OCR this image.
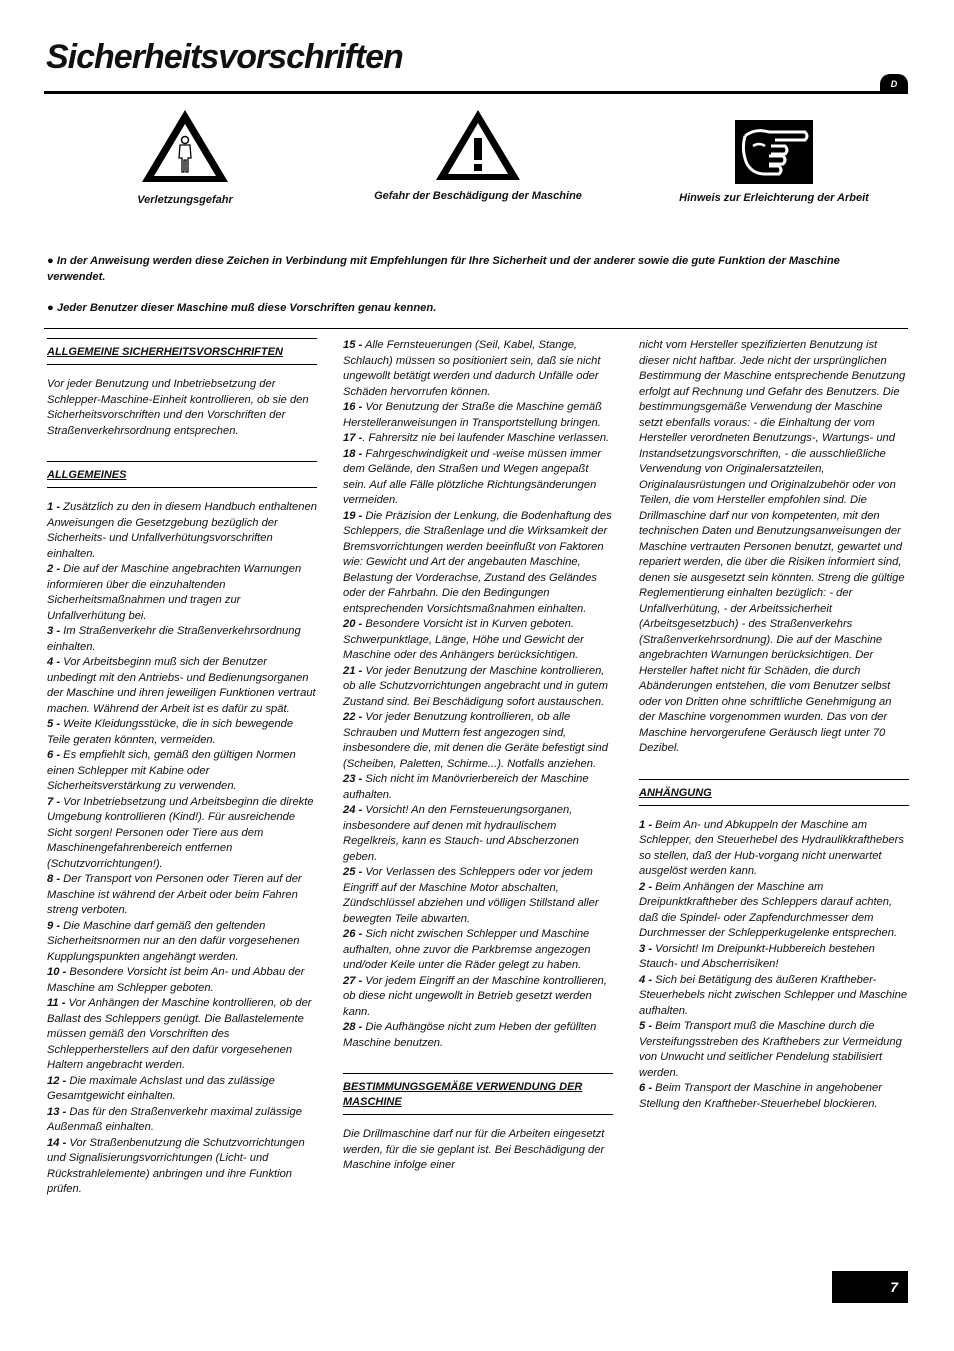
Sicherheitsvorschriften
D
Verletzungsgefahr	Gefahr der Beschädigung der Maschine	Hinweis zur Erleichterung der Arbeit

● In der Anweisung werden diese Zeichen in Verbindung mit Empfehlungen für Ihre Sicherheit und der anderer sowie die gute Funktion der Maschine verwendet.

● Jeder Benutzer dieser Maschine muß diese Vorschriften genau kennen.

ALLGEMEINE SICHERHEITSVORSCHRIFTEN

Vor jeder Benutzung und Inbetriebsetzung der Schlepper-Maschine-Einheit kontrollieren, ob sie den Sicherheitsvorschriften und den Vorschriften der Straßenverkehrsordnung entsprechen.

ALLGEMEINES

1 - Zusätzlich zu den in diesem Handbuch enthaltenen Anweisungen die Gesetzgebung bezüglich der Sicherheits- und Unfallverhütungsvorschriften einhalten.

2 - Die auf der Maschine angebrachten Warnungen informieren über die einzuhaltenden Sicherheitsmaßnahmen und tragen zur Unfallverhütung bei.

3 - Im Straßenverkehr die Straßenverkehrsordnung einhalten.

4 - Vor Arbeitsbeginn muß sich der Benutzer unbedingt mit den Antriebs- und Bedienungsorganen der Maschine und ihren jeweiligen Funktionen vertraut machen. Während der Arbeit ist es dafür zu spät.

5 - Weite Kleidungsstücke, die in sich bewegende Teile geraten könnten, vermeiden.

6 - Es empfiehlt sich, gemäß den gültigen Normen einen Schlepper mit Kabine oder Sicherheitsverstärkung zu verwenden.

7 - Vor Inbetriebsetzung und Arbeitsbeginn die direkte Umgebung kontrollieren (Kind!). Für ausreichende Sicht sorgen! Personen oder Tiere aus dem Maschinengefahrenbereich entfernen (Schutzvorrichtungen!).

8 - Der Transport von Personen oder Tieren auf der Maschine ist während der Arbeit oder beim Fahren streng verboten.

9 - Die Maschine darf gemäß den geltenden Sicherheitsnormen nur an den dafür vorgesehenen Kupplungspunkten angehängt werden.

10 - Besondere Vorsicht ist beim An- und Abbau der Maschine am Schlepper geboten.

11 - Vor Anhängen der Maschine kontrollieren, ob der Ballast des Schleppers genügt. Die Ballastelemente müssen gemäß den Vorschriften des Schlepperherstellers auf den dafür vorgesehenen Haltern angebracht werden.

12 - Die maximale Achslast und das zulässige Gesamtgewicht einhalten.

13 - Das für den Straßenverkehr maximal zulässige Außenmaß einhalten.

14 - Vor Straßenbenutzung die Schutzvorrichtungen und Signalisierungsvorrichtungen (Licht- und Rückstrahlelemente) anbringen und ihre Funktion prüfen.

15 - Alle Fernsteuerungen (Seil, Kabel, Stange, Schlauch) müssen so positioniert sein, daß sie nicht ungewollt betätigt werden und dadurch Unfälle oder Schäden hervorrufen können.

16 - Vor Benutzung der Straße die Maschine gemäß Herstelleranweisungen in Transportstellung bringen.

17 -. Fahrersitz nie bei laufender Maschine verlassen.

18 - Fahrgeschwindigkeit und -weise müssen immer dem Gelände, den Straßen und Wegen angepaßt sein. Auf alle Fälle plötzliche Richtungsänderungen vermeiden.

19 - Die Präzision der Lenkung, die Bodenhaftung des Schleppers, die Straßenlage und die Wirksamkeit der Bremsvorrichtungen werden beeinflußt von Faktoren wie: Gewicht und Art der angebauten Maschine, Belastung der Vorderachse, Zustand des Geländes oder der Fahrbahn. Die den Bedingungen entsprechenden Vorsichtsmaßnahmen einhalten.

20 - Besondere Vorsicht ist in Kurven geboten. Schwerpunktlage, Länge, Höhe und Gewicht der Maschine oder des Anhängers berücksichtigen.

21 - Vor jeder Benutzung der Maschine kontrollieren, ob alle Schutzvorrichtungen angebracht und in gutem Zustand sind. Bei Beschädigung sofort austauschen.

22 - Vor jeder Benutzung kontrollieren, ob alle Schrauben und Muttern fest angezogen sind, insbesondere die, mit denen die Geräte befestigt sind (Scheiben, Paletten, Schirme...). Notfalls anziehen.

23 - Sich nicht im Manövrierbereich der Maschine aufhalten.

24 - Vorsicht! An den Fernsteuerungsorganen, insbesondere auf denen mit hydraulischem Regelkreis, kann es Stauch- und Abscherzonen geben.

25 - Vor Verlassen des Schleppers oder vor jedem Eingriff auf der Maschine Motor abschalten, Zündschlüssel abziehen und völligen Stillstand aller bewegten Teile abwarten.

26 - Sich nicht zwischen Schlepper und Maschine aufhalten, ohne zuvor die Parkbremse angezogen und/oder Keile unter die Räder gelegt zu haben.

27 - Vor jedem Eingriff an der Maschine kontrollieren, ob diese nicht ungewollt in Betrieb gesetzt werden kann.

28 - Die Aufhängöse nicht zum Heben der gefüllten Maschine benutzen.

BESTIMMUNGSGEMÄßE VERWENDUNG DER MASCHINE

Die Drillmaschine darf nur für die Arbeiten eingesetzt werden, für die sie geplant ist. Bei Beschädigung der Maschine infolge einer

nicht vom Hersteller spezifizierten Benutzung ist dieser nicht haftbar. Jede nicht der ursprünglichen Bestimmung der Maschine entsprechende Benutzung erfolgt auf Rechnung und Gefahr des Benutzers. Die bestimmungsgemäße Verwendung der Maschine setzt ebenfalls voraus: - die Einhaltung der vom Hersteller verordneten Benutzungs-, Wartungs- und Instandsetzungsvorschriften, - die ausschließliche Verwendung von Originalersatzteilen, Originalausrüstungen und Originalzubehör oder von Teilen, die vom Hersteller empfohlen sind. Die Drillmaschine darf nur von kompetenten, mit den technischen Daten und Benutzungsanweisungen der Maschine vertrauten Personen benutzt, gewartet und repariert werden, die über die Risiken informiert sind, denen sie ausgesetzt sein könnten. Streng die gültige Reglementierung einhalten bezüglich: - der Unfallverhütung, - der Arbeitssicherheit (Arbeitsgesetzbuch) - des Straßenverkehrs (Straßenverkehrsordnung). Die auf der Maschine angebrachten Warnungen berücksichtigen. Der Hersteller haftet nicht für Schäden, die durch Abänderungen entstehen, die vom Benutzer selbst oder von Dritten ohne schriftliche Genehmigung an der Maschine vorgenommen wurden. Das von der Maschine hervorgerufene Geräusch liegt unter 70 Dezibel.

ANHÄNGUNG

1 - Beim An- und Abkuppeln der Maschine am Schlepper, den Steuerhebel des Hydraulikkrafthebers so stellen, daß der Hub-vorgang nicht unerwartet ausgelöst werden kann.

2 - Beim Anhängen der Maschine am Dreipunktkraftheber des Schleppers darauf achten, daß die Spindel- oder Zapfendurchmesser dem Durchmesser der Schlepperkugelenkе entsprechen.

3 - Vorsicht! Im Dreipunkt-Hubbereich bestehen Stauch- und Abscherrisiken!

4 - Sich bei Betätigung des äußeren Kraftheber-Steuerhebels nicht zwischen Schlepper und Maschine aufhalten.

5 - Beim Transport muß die Maschine durch die Versteifungsstreben des Krafthebers zur Vermeidung von Unwucht und seitlicher Pendelung stabilisiert werden.

6 - Beim Transport der Maschine in angehobener Stellung den Kraftheber-Steuerhebel blockieren.

7
